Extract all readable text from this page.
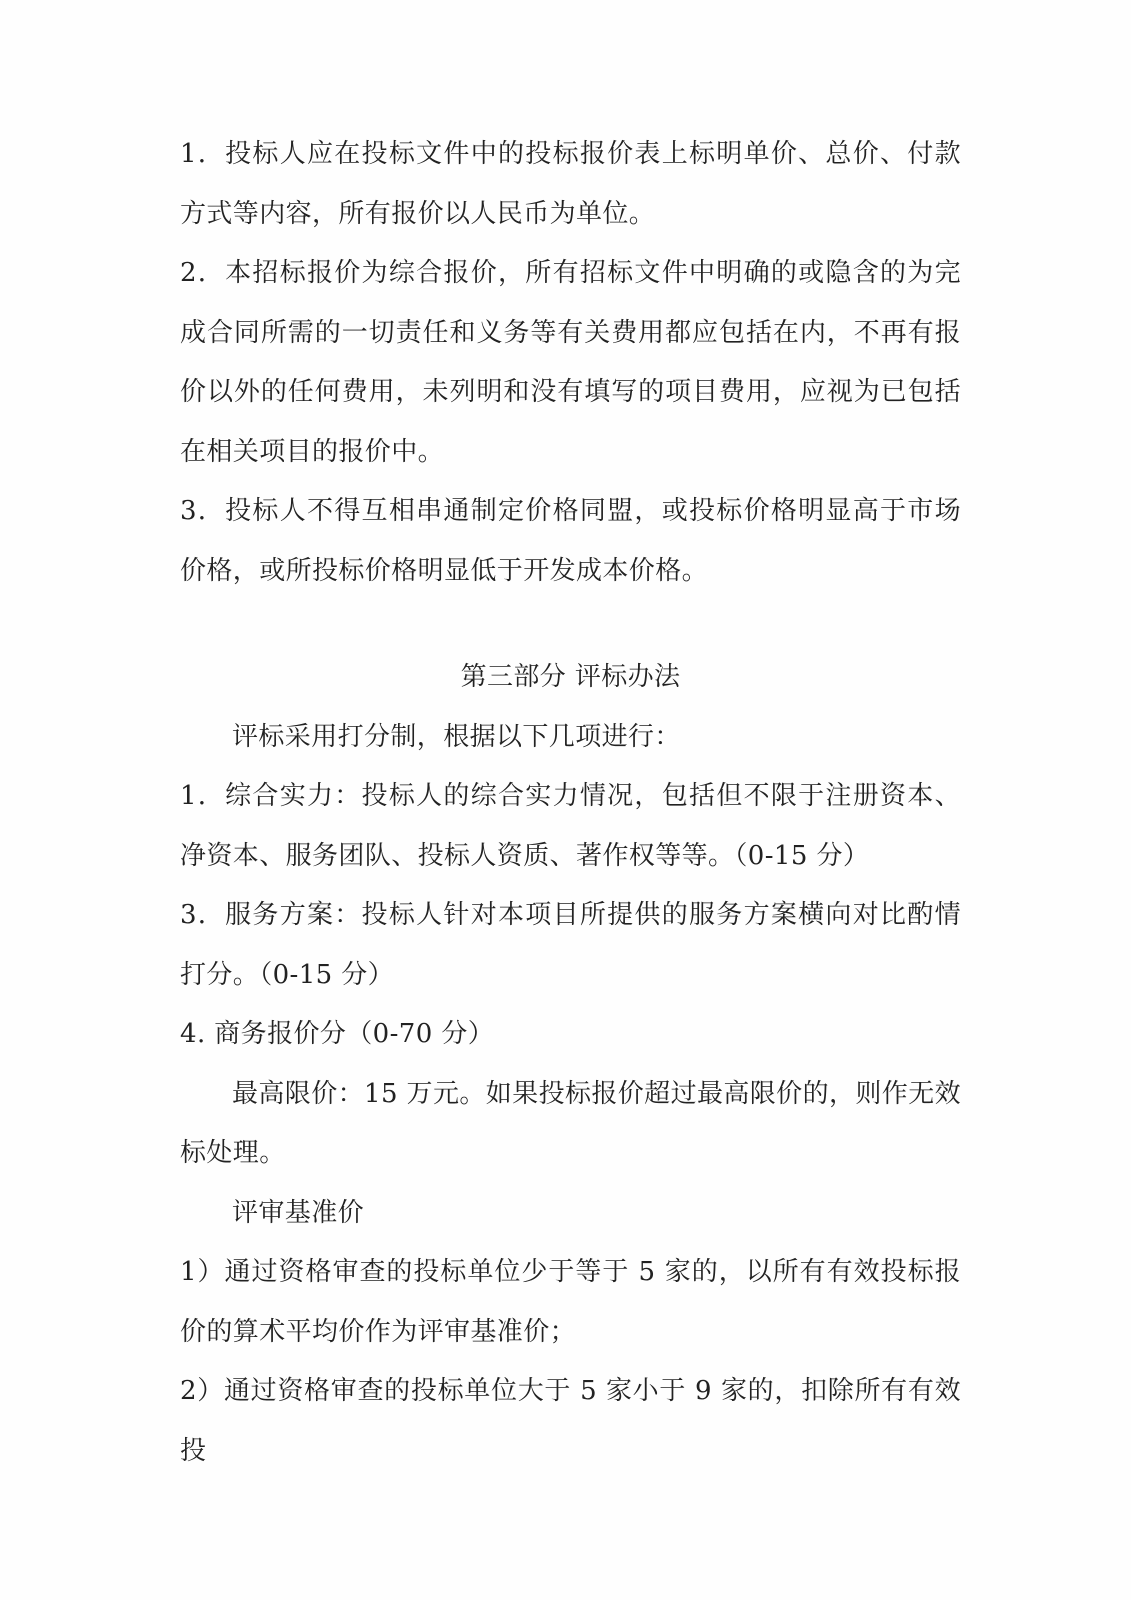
1．投标人应在投标文件中的投标报价表上标明单价、总价、付款方式等内容，所有报价以人民币为单位。

2．本招标报价为综合报价，所有招标文件中明确的或隐含的为完成合同所需的一切责任和义务等有关费用都应包括在内，不再有报价以外的任何费用，未列明和没有填写的项目费用，应视为已包括在相关项目的报价中。

3．投标人不得互相串通制定价格同盟，或投标价格明显高于市场价格，或所投标价格明显低于开发成本价格。

第三部分 评标办法

评标采用打分制，根据以下几项进行：

1．综合实力：投标人的综合实力情况，包括但不限于注册资本、净资本、服务团队、投标人资质、著作权等等。（0-15 分）

3．服务方案：投标人针对本项目所提供的服务方案横向对比酌情打分。（0-15 分）

4. 商务报价分（0-70 分）

最高限价：15 万元。如果投标报价超过最高限价的，则作无效标处理。

评审基准价

1）通过资格审查的投标单位少于等于 5 家的，以所有有效投标报价的算术平均价作为评审基准价；

2）通过资格审查的投标单位大于 5 家小于 9 家的，扣除所有有效投
